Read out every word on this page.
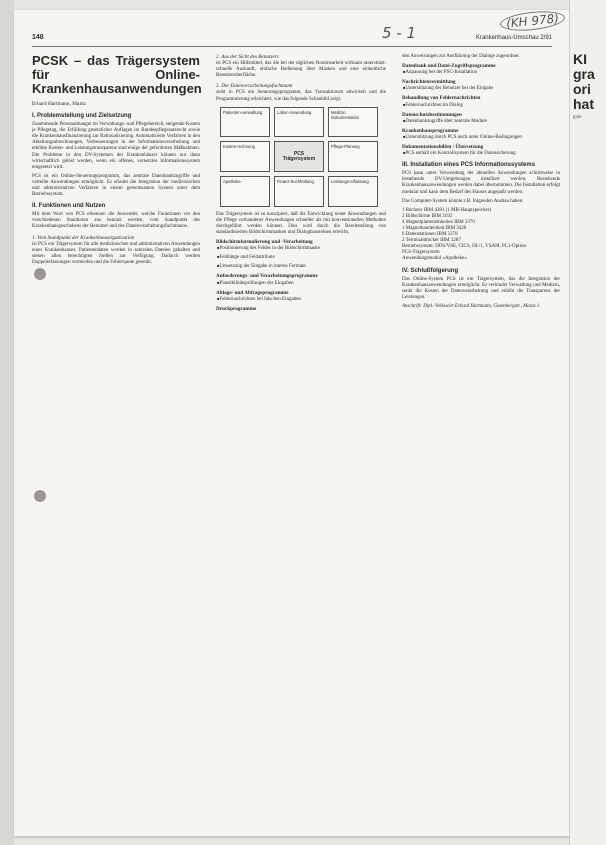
148	Krankenhaus-Umschau 2/91
5 - 1
(KH 978)
PCSK – das Trägersystem für Online-Krankenhausanwendungen
Erhard Hartmann, Mainz
I. Problemstellung und Zielsetzung

Zunehmende Personalmangel im Verwaltungs- und Pflegebereich, steigende Kosten je Pflegetag, die Erfüllung gesetzlicher Auflagen im Bundespflegesatzrecht sowie die Krankenhausfinanzierung zur Rationalisierung. Automatisierte Verfahren in den Abteilungsabrechnungen, Verbesserungen in der Informationsverarbeitung und erhöhte Kosten- und Leistungstransparenz sind einige der geforderten Maßnahmen. Die Probleme in den DV-Systemen der Krankenhäuser können nur dann wirtschaftlich gelöst werden, wenn ein offenes, vernetztes Informationssystem eingesetzt wird.

PCS ist ein Online-Steuerungsprogramm, das zentrale Datenbankzugriffe und verteilte Anwendungen ermöglicht. Es erlaubt die Integration der medizinischen und administrativen Verfahren in einem gemeinsamen System unter dem Betriebssystem.

II. Funktionen und Nutzen

Mit dem Wort von PCS erkennen die Anwender, welche Funktionen vor den verschiedenen Standorten aus benutzt werden, vom Standpunkt des Krankenhausgeschehens der Benutzer und des Datenverarbeitungsfachmanns.

1. Vom Standpunkt der Krankenhausorganisation

ist PCS ein Trägersystem für alle medizinischen und administrativen Anwendungen eines Krankenhauses. Patientendaten werden in zentralen Dateien gehalten und stehen allen berechtigten Stellen zur Verfügung. Dadurch werden Doppelerfassungen vermieden und die Fehlerquote gesenkt.

2. Aus der Sicht des Benutzers

ist PCS ein Hilfsmittel, das die bei der täglichen Routinearbeit wirksam unterstützt: schnelle Auskunft, einfache Bedienung über Masken und eine einheitliche Benutzeroberfläche.

3. Der Datenverarbeitungsfachmann

sieht in PCS ein Steuerungsprogramm, das Transaktionen abwickelt und die Programmierung erleichtert, wie das folgende Schaubild zeigt.

Patienten-verwaltung	Labor-Anwendung	Medizin. Dokumentation
Kosten-rechnung
PCS Trägersystem
Pflege-Planung
Apotheke	Finanz-buchhaltung	Leistungs-erfassung

Das Trägersystem ist so konzipiert, daß die Entwicklung neuer Anwendungen und die Pflege vorhandener Anwendungen schneller als mit konventionellen Methoden durchgeführt werden können. Dies wird durch die Bereitstellung von standardisierten Bildschirmmasken und Dialogbausteinen erreicht.

Bildschirmformulierung und -Verarbeitung
■ Positionierung des Feldes in der Bildschirmmaske
■ Feldlänge und Feldattribute
■ Umsetzung der Eingabe in interne Formate
Anforderungs- und Verarbeitungsprogramme
■ Plausibilitätsprüfungen der Eingaben
Ablage- und Abfrageprogramme
■ Fehlernachrichten bei falschen Eingaben
Druckprogramme

den Anweisungen zur Ausführung der Dialoge zugeordnet.

Datenbank und Datei-Zugriffsprogramme
■ Anpassung bei der PSC-Installation
Nachrichtenvermittlung
■ Unterstützung der Benutzer bei der Eingabe
Behandlung von Fehlernachrichten
■ Fehlernachrichten im Dialog
Datenschutzbestimmungen
■ Datenbankzugriffe über zentrale Module
Krankenhausprogramme
■ Unterstützung durch PCS auch unter Online-Bedingungen
Dokumentationshilfen / Übersetzung
■ PCS enthält ein Kontrollsystem für die Datensicherung
III. Installation eines PCS Informationssystems

PCS kann unter Verwendung der aktuellen Anwendungen schrittweise in bestehende DV-Umgebungen installiert werden. Bestehende Krankenhausanwendungen werden dabei übernommen. Die Installation erfolgt modular und kann dem Bedarf des Hauses angepaßt werden.

Das Computer-System könnte z.B. folgenden Ausbau haben:

1 Rechner IBM 4381 (1 MB-Hauptspeicher)
2 Bildschirme IBM 3192
4 Magnetplatteneinheiten IBM 3370
1 Magnetbandeinheit IBM 3420
6 Datenstationen IBM 3278
2 Terminaldrucker IBM 3287
Betriebssystem: DOS/VSE, CICS, DL/1, VSAM, PL1-Option
PCS-Trägersystem
Anwendungsmodul »Apotheke«
IV. Schlußfolgerung

Das Online-System PCS ist ein Trägersystem, das die Integration der Krankenhausanwendungen ermöglicht. Es verbindet Verwaltung und Medizin, senkt die Kosten der Datenverarbeitung und erhöht die Transparenz der Leistungen.

Anschrift: Dipl.-Volkswirt Erhard Hartmann, Gutenbergstr., Mainz 1

KI gra ori hat
gute
